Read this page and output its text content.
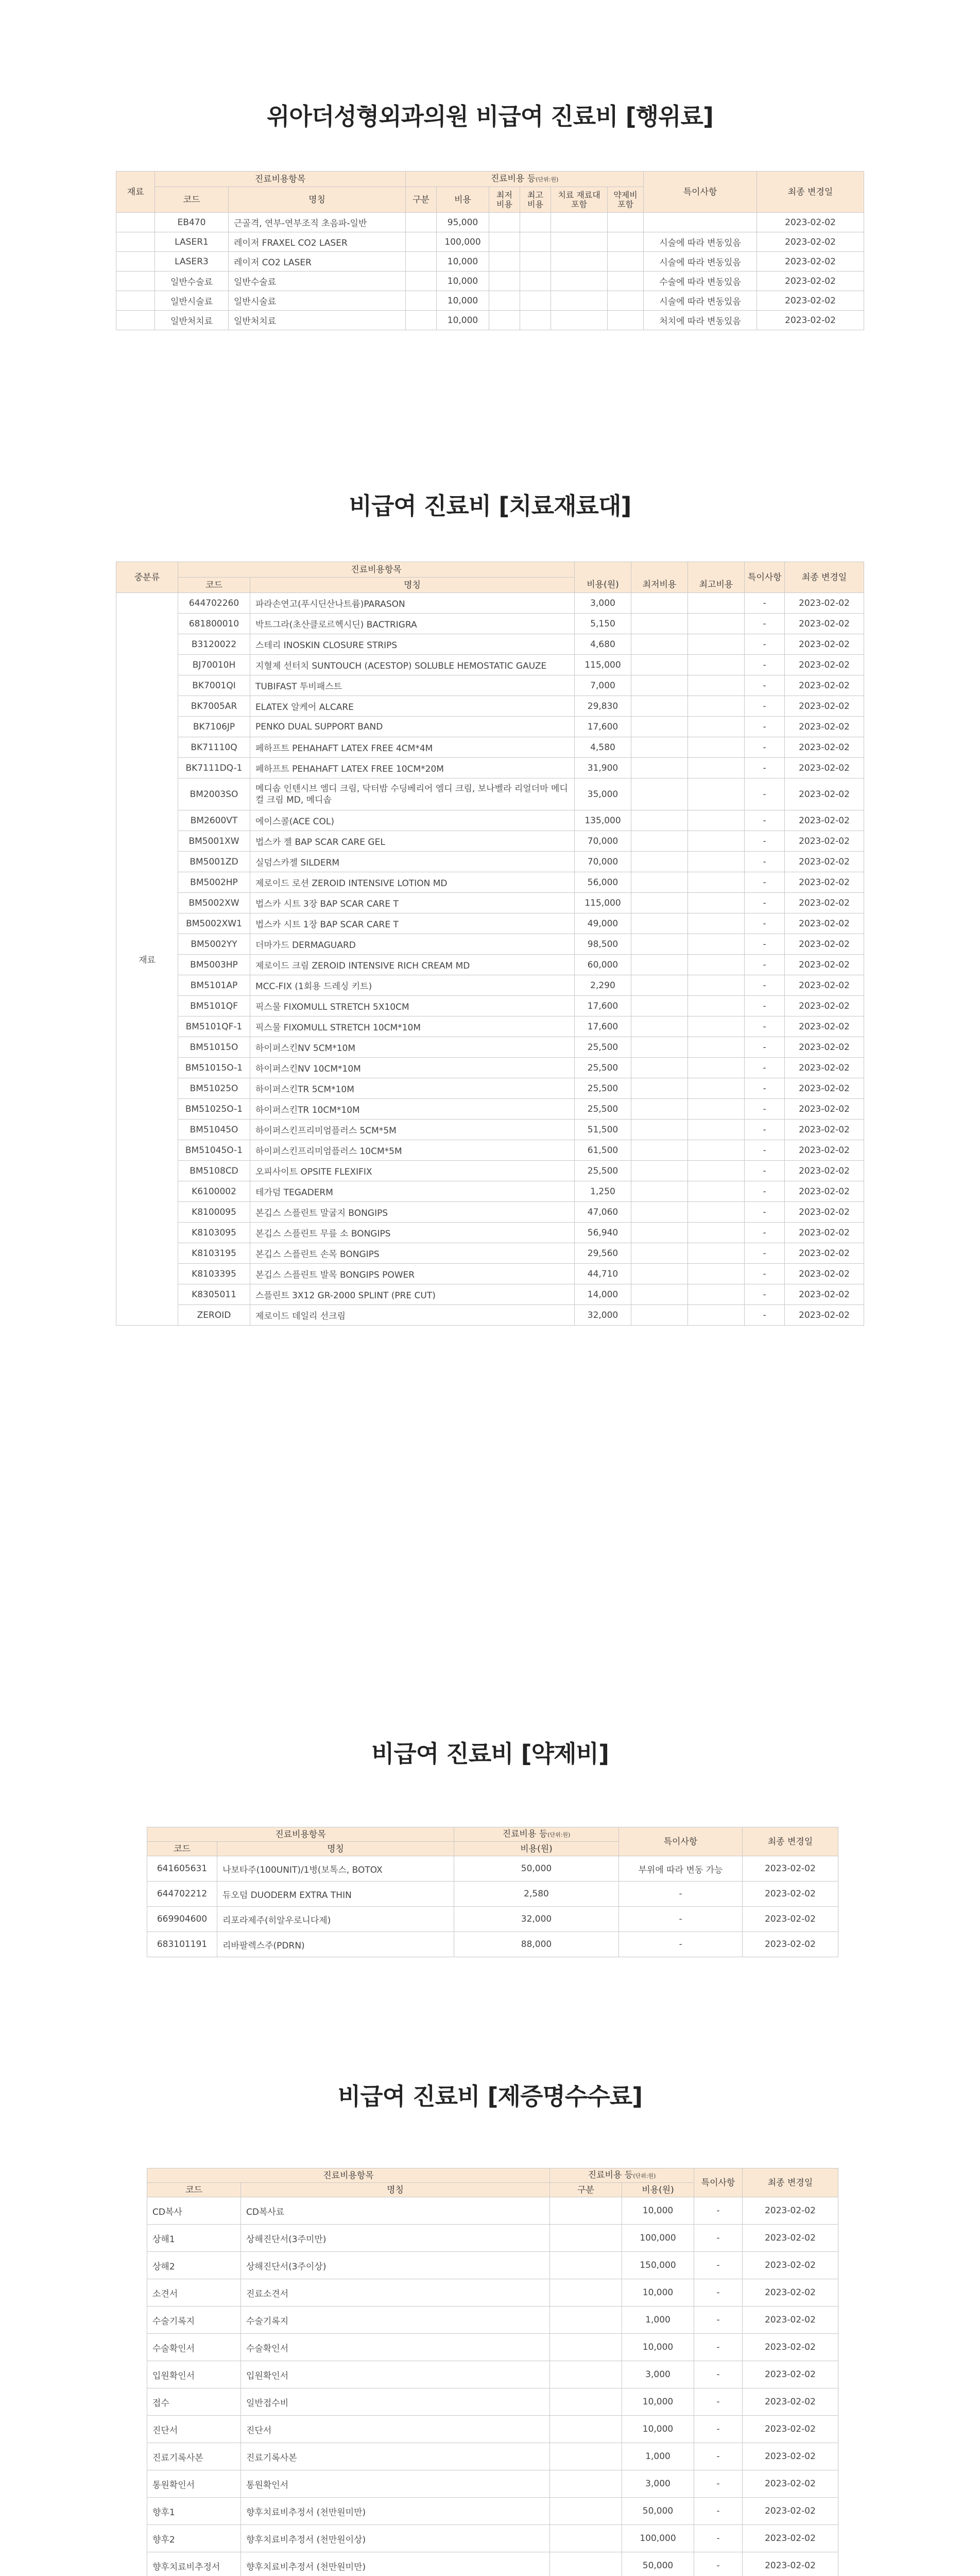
위아더성형외과의원 비급여 진료비 [행위료]
재료	진료비용항목		진료비용 등(단위:원)						특이사항	최종 변경일
	코드	명칭	구분	비용	최저 비용	최고 비용	치료 재료대 포함	약제비 포함		
	EB470	근골격, 연부-연부조직 초음파-일반		95,000						2023-02-02
	LASER1	레이저 FRAXEL CO2 LASER		100,000					시술에 따라 변동있음	2023-02-02
	LASER3	레이저 CO2 LASER		10,000					시술에 따라 변동있음	2023-02-02
	일반수술료	일반수술료		10,000					수술에 따라 변동있음	2023-02-02
	일반시술료	일반시술료		10,000					시술에 따라 변동있음	2023-02-02
	일반처치료	일반처치료		10,000					처치에 따라 변동있음	2023-02-02
비급여 진료비 [치료재료대]
중분류	진료비용항목					특이사항	최종 변경일
	코드	명칭	비용(원)	최저비용	최고비용		
재료	644702260	파라손연고(푸시딘산나트륨)PARASON	3,000			-	2023-02-02
	681800010	박트그라(초산클로르헥시딘) BACTRIGRA	5,150			-	2023-02-02
	B3120022	스테리 INOSKIN CLOSURE STRIPS	4,680			-	2023-02-02
	BJ70010H	지혈제 선터치 SUNTOUCH (ACESTOP) SOLUBLE HEMOSTATIC GAUZE	115,000			-	2023-02-02
	BK7001QI	TUBIFAST 투비패스트	7,000			-	2023-02-02
	BK7005AR	ELATEX 알케어 ALCARE	29,830			-	2023-02-02
	BK7106JP	PENKO DUAL SUPPORT BAND	17,600			-	2023-02-02
	BK71110Q	페하프트 PEHAHAFT LATEX FREE 4CM*4M	4,580			-	2023-02-02
	BK7111DQ-1	페하프트 PEHAHAFT LATEX FREE 10CM*20M	31,900			-	2023-02-02
	BM2003SO	메디솝 인텐시브 엠디 크림, 닥터밤 수딩베리어 엠디 크림, 보나벨라 리얼더마 메디컬 크림 MD, 메디솝	35,000			-	2023-02-02
	BM2600VT	에이스콜(ACE COL)	135,000			-	2023-02-02
	BM5001XW	법스카 젤 BAP SCAR CARE GEL	70,000			-	2023-02-02
	BM5001ZD	실덤스카젤 SILDERM	70,000			-	2023-02-02
	BM5002HP	제로이드 로션 ZEROID INTENSIVE LOTION MD	56,000			-	2023-02-02
	BM5002XW	법스카 시트 3장 BAP SCAR CARE T	115,000			-	2023-02-02
	BM5002XW1	법스카 시트 1장 BAP SCAR CARE T	49,000			-	2023-02-02
	BM5002YY	더마가드 DERMAGUARD	98,500			-	2023-02-02
	BM5003HP	제로이드 크림 ZEROID INTENSIVE RICH CREAM MD	60,000			-	2023-02-02
	BM5101AP	MCC-FIX (1회용 드레싱 키트)	2,290			-	2023-02-02
	BM5101QF	픽스물 FIXOMULL STRETCH 5X10CM	17,600			-	2023-02-02
	BM5101QF-1	픽스물 FIXOMULL STRETCH 10CM*10M	17,600			-	2023-02-02
	BM51015O	하이퍼스킨NV 5CM*10M	25,500			-	2023-02-02
	BM51015O-1	하이퍼스킨NV 10CM*10M	25,500			-	2023-02-02
	BM51025O	하이퍼스킨TR 5CM*10M	25,500			-	2023-02-02
	BM51025O-1	하이퍼스킨TR 10CM*10M	25,500			-	2023-02-02
	BM51045O	하이퍼스킨프리미엄플러스 5CM*5M	51,500			-	2023-02-02
	BM51045O-1	하이퍼스킨프리미엄플러스 10CM*5M	61,500			-	2023-02-02
	BM5108CD	오피사이트 OPSITE FLEXIFIX	25,500			-	2023-02-02
	K6100002	테가덤 TEGADERM	1,250			-	2023-02-02
	K8100095	본깁스 스플린트 말굽지 BONGIPS	47,060			-	2023-02-02
	K8103095	본깁스 스플린트 무릎 소 BONGIPS	56,940			-	2023-02-02
	K8103195	본깁스 스플린트 손목 BONGIPS	29,560			-	2023-02-02
	K8103395	본깁스 스플린트 발목 BONGIPS POWER	44,710			-	2023-02-02
	K8305011	스플린트 3X12 GR-2000 SPLINT (PRE CUT)	14,000			-	2023-02-02
	ZEROID	제로이드 데일리 선크림	32,000			-	2023-02-02
비급여 진료비 [약제비]
진료비용항목		진료비용 등(단위:원)	특이사항	최종 변경일
코드	명칭	비용(원)		
641605631	나보타주(100UNIT)/1병(보톡스, BOTOX	50,000	부위에 따라 변동 가능	2023-02-02
644702212	듀오덤 DUODERM EXTRA THIN	2,580	-	2023-02-02
669904600	리포라제주(히알우로니다제)	32,000	-	2023-02-02
683101191	리바팔렉스주(PDRN)	88,000	-	2023-02-02
비급여 진료비 [제증명수수료]
진료비용항목		진료비용 등(단위:원)		특이사항	최종 변경일
코드	명칭	구분	비용(원)		
CD복사	CD복사료		10,000	-	2023-02-02
상해1	상해진단서(3주미만)		100,000	-	2023-02-02
상해2	상해진단서(3주이상)		150,000	-	2023-02-02
소견서	진료소견서		10,000	-	2023-02-02
수술기록지	수술기록지		1,000	-	2023-02-02
수술확인서	수술확인서		10,000	-	2023-02-02
입원확인서	입원확인서		3,000	-	2023-02-02
접수	일반접수비		10,000	-	2023-02-02
진단서	진단서		10,000	-	2023-02-02
진료기록사본	진료기록사본		1,000	-	2023-02-02
통원확인서	통원확인서		3,000	-	2023-02-02
향후1	향후치료비추정서 (천만원미만)		50,000	-	2023-02-02
향후2	향후치료비추정서 (천만원이상)		100,000	-	2023-02-02
향후치료비추정서	향후치료비추정서 (천만원미만)		50,000	-	2023-02-02
